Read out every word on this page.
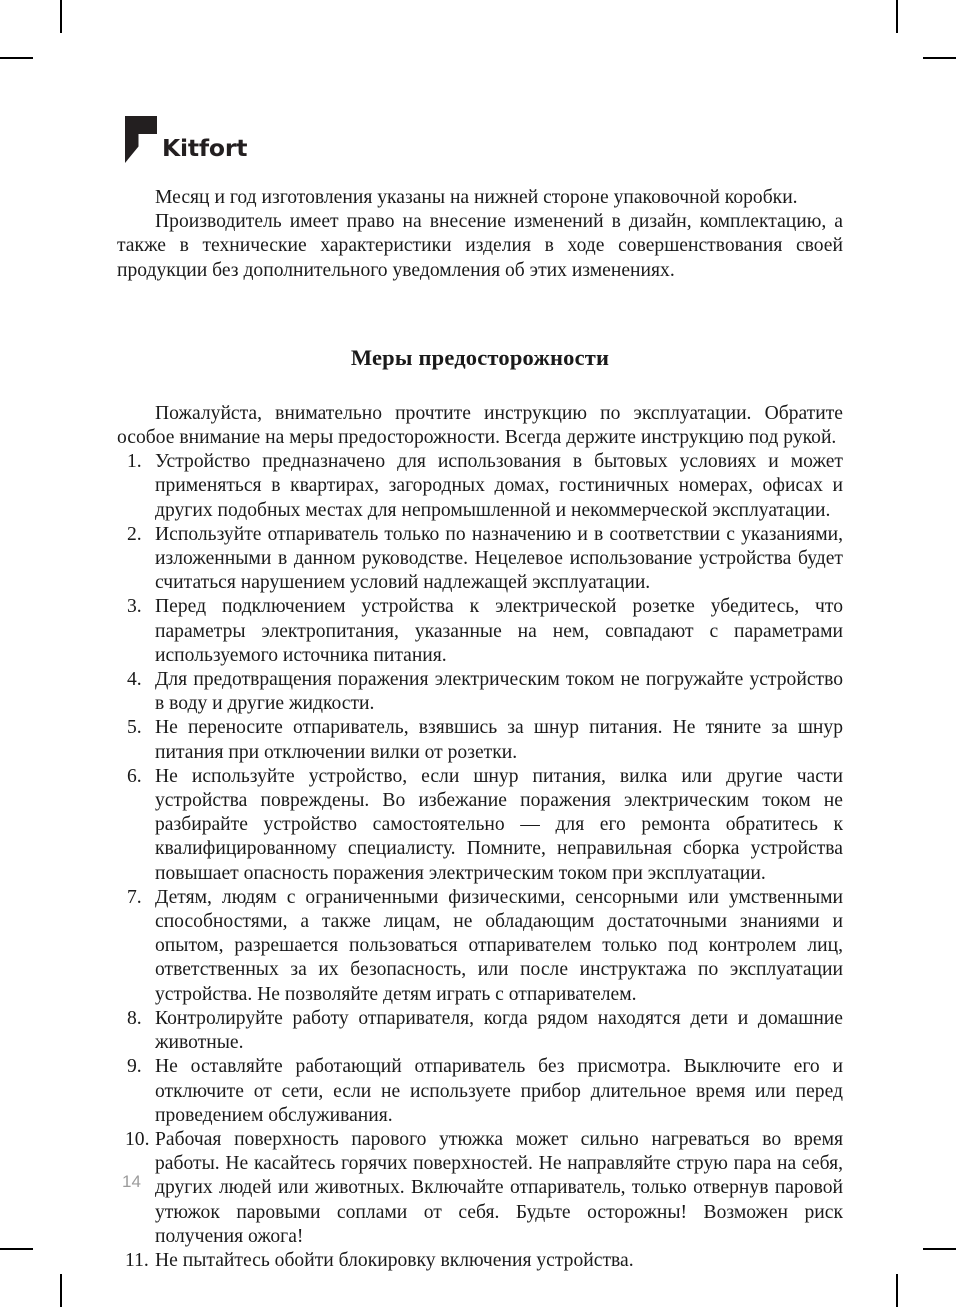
Kitfort

Месяц и год изготовления указаны на нижней стороне упаковочной коробки.

Производитель имеет право на внесение изменений в дизайн, комплектацию, а также в технические характеристики изделия в ходе совершенствования своей продукции без дополнительного уведомления об этих изменениях.

Меры предосторожности

Пожалуйста, внимательно прочтите инструкцию по эксплуатации. Обратите особое внимание на меры предосторожности. Всегда держите инструкцию под рукой.

1. Устройство предназначено для использования в бытовых условиях и может применяться в квартирах, загородных домах, гостиничных номерах, офисах и других подобных местах для непромышленной и некоммерческой эксплуатации.
2. Используйте отпариватель только по назначению и в соответствии с указаниями, изложенными в данном руководстве. Нецелевое использование устройства будет считаться нарушением условий надлежащей эксплуатации.
3. Перед подключением устройства к электрической розетке убедитесь, что параметры электропитания, указанные на нем, совпадают с параметрами используемого источника питания.
4. Для предотвращения поражения электрическим током не погружайте устройство в воду и другие жидкости.
5. Не переносите отпариватель, взявшись за шнур питания. Не тяните за шнур питания при отключении вилки от розетки.
6. Не используйте устройство, если шнур питания, вилка или другие части устройства повреждены. Во избежание поражения электрическим током не разбирайте устройство самостоятельно — для его ремонта обратитесь к квалифицированному специалисту. Помните, неправильная сборка устройства повышает опасность поражения электрическим током при эксплуатации.
7. Детям, людям с ограниченными физическими, сенсорными или умственными способностями, а также лицам, не обладающим достаточными знаниями и опытом, разрешается пользоваться отпаривателем только под контролем лиц, ответственных за их безопасность, или после инструктажа по эксплуатации устройства. Не позволяйте детям играть с отпаривателем.
8. Контролируйте работу отпаривателя, когда рядом находятся дети и домашние животные.
9. Не оставляйте работающий отпариватель без присмотра. Выключите его и отключите от сети, если не используете прибор длительное время или перед проведением обслуживания.
10. Рабочая поверхность парового утюжка может сильно нагреваться во время работы. Не касайтесь горячих поверхностей. Не направляйте струю пара на себя, других людей или животных. Включайте отпариватель, только отвернув паровой утюжок паровыми соплами от себя. Будьте осторожны! Возможен риск получения ожога!
11. Не пытайтесь обойти блокировку включения устройства.
14
